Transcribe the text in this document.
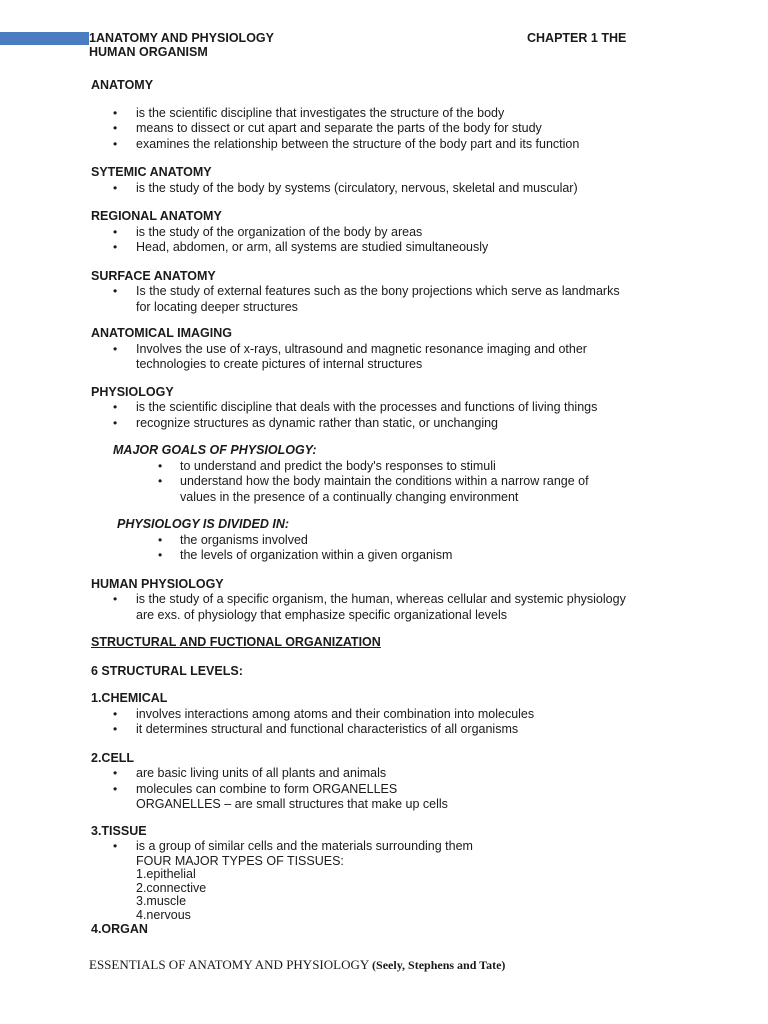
1ANATOMY AND PHYSIOLOGY	CHAPTER 1 THE
HUMAN ORGANISM

ANATOMY

• is the scientific discipline that investigates the structure of the body
• means to dissect or cut apart and separate the parts of the body for study
• examines the relationship between the structure of the body part and its function

SYTEMIC ANATOMY

• is the study of the body by systems (circulatory, nervous, skeletal and muscular)

REGIONAL ANATOMY

• is the study of the organization of the body by areas
• Head, abdomen, or arm, all systems are studied simultaneously

SURFACE ANATOMY

• Is the study of external features such as the bony projections which serve as landmarks

for locating deeper structures

ANATOMICAL IMAGING

• Involves the use of x-rays, ultrasound and magnetic resonance imaging and other

technologies to create pictures of internal structures

PHYSIOLOGY

• is the scientific discipline that deals with the processes and functions of living things
• recognize structures as dynamic rather than static, or unchanging

MAJOR GOALS OF PHYSIOLOGY:

• to understand and predict the body's responses to stimuli
• understand how the body maintain the conditions within a narrow range of

values in the presence of a continually changing environment

PHYSIOLOGY IS DIVIDED IN:

• the organisms involved
• the levels of organization within a given organism

HUMAN PHYSIOLOGY

• is the study of a specific organism, the human, whereas cellular and systemic physiology

are exs. of physiology that emphasize specific organizational levels

STRUCTURAL AND FUCTIONAL ORGANIZATION

6 STRUCTURAL LEVELS:

1.CHEMICAL

• involves interactions among atoms and their combination into molecules
• it determines structural and functional characteristics of all organisms

2.CELL

• are basic living units of all plants and animals
• molecules can combine to form ORGANELLES

ORGANELLES – are small structures that make up cells

3.TISSUE

• is a group of similar cells and the materials surrounding them

FOUR MAJOR TYPES OF TISSUES:

1.epithelial

2.connective

3.muscle

4.nervous

4.ORGAN

ESSENTIALS OF ANATOMY AND PHYSIOLOGY (Seely, Stephens and Tate)
